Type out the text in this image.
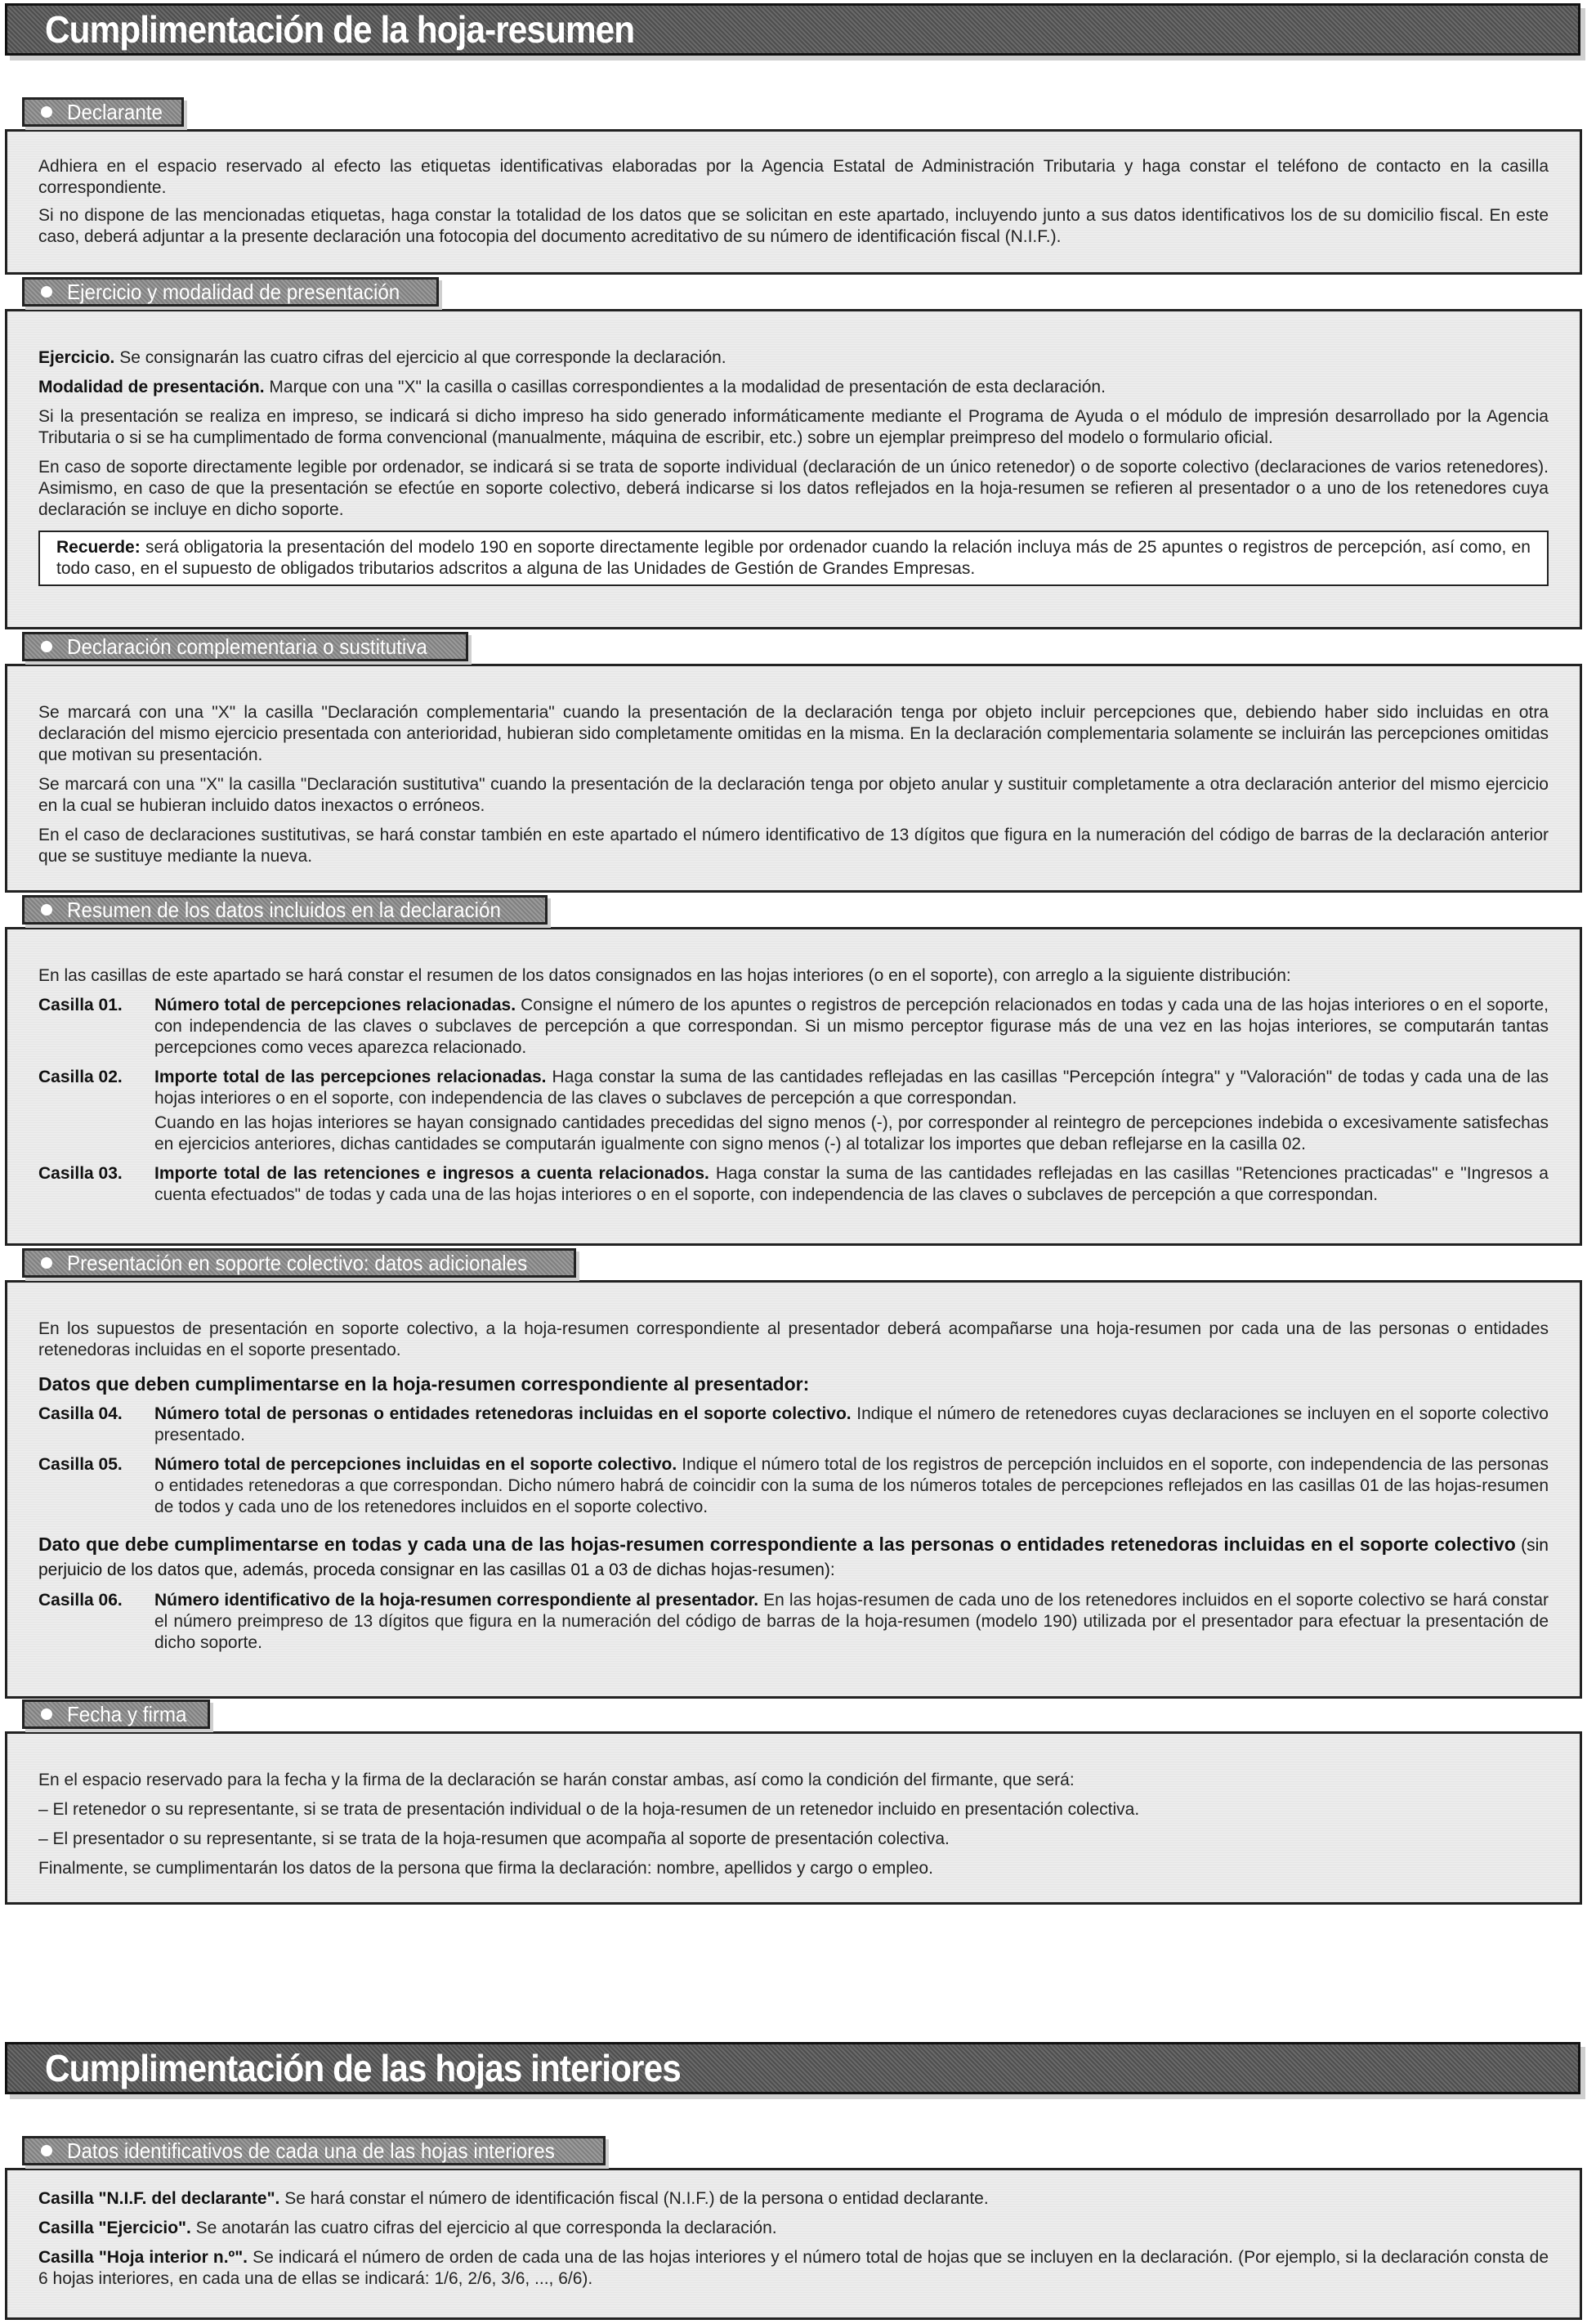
Cumplimentación de la hoja-resumen
Declarante

Adhiera en el espacio reservado al efecto las etiquetas identificativas elaboradas por la Agencia Estatal de Administración Tributaria y haga constar el teléfono de contacto en la casilla correspondiente.

Si no dispone de las mencionadas etiquetas, haga constar la totalidad de los datos que se solicitan en este apartado, incluyendo junto a sus datos identificativos los de su domicilio fiscal. En este caso, deberá adjuntar a la presente declaración una fotocopia del documento acreditativo de su número de identificación fiscal (N.I.F.).

Ejercicio y modalidad de presentación

Ejercicio. Se consignarán las cuatro cifras del ejercicio al que corresponde la declaración.

Modalidad de presentación. Marque con una "X" la casilla o casillas correspondientes a la modalidad de presentación de esta declaración.

Si la presentación se realiza en impreso, se indicará si dicho impreso ha sido generado informáticamente mediante el Programa de Ayuda o el módulo de impresión desarrollado por la Agencia Tributaria o si se ha cumplimentado de forma convencional (manualmente, máquina de escribir, etc.) sobre un ejemplar preimpreso del modelo o formulario oficial.

En caso de soporte directamente legible por ordenador, se indicará si se trata de soporte individual (declaración de un único retenedor) o de soporte colectivo (declaraciones de varios retenedores). Asimismo, en caso de que la presentación se efectúe en soporte colectivo, deberá indicarse si los datos reflejados en la hoja-resumen se refieren al presentador o a uno de los retenedores cuya declaración se incluye en dicho soporte.

Recuerde: será obligatoria la presentación del modelo 190 en soporte directamente legible por ordenador cuando la relación incluya más de 25 apuntes o registros de percepción, así como, en todo caso, en el supuesto de obligados tributarios adscritos a alguna de las Unidades de Gestión de Grandes Empresas.

Declaración complementaria o sustitutiva

Se marcará con una "X" la casilla "Declaración complementaria" cuando la presentación de la declaración tenga por objeto incluir percepciones que, debiendo haber sido incluidas en otra declaración del mismo ejercicio presentada con anterioridad, hubieran sido completamente omitidas en la misma. En la declaración complementaria solamente se incluirán las percepciones omitidas que motivan su presentación.

Se marcará con una "X" la casilla "Declaración sustitutiva" cuando la presentación de la declaración tenga por objeto anular y sustituir completamente a otra declaración anterior del mismo ejercicio en la cual se hubieran incluido datos inexactos o erróneos.

En el caso de declaraciones sustitutivas, se hará constar también en este apartado el número identificativo de 13 dígitos que figura en la numeración del código de barras de la declaración anterior que se sustituye mediante la nueva.

Resumen de los datos incluidos en la declaración

En las casillas de este apartado se hará constar el resumen de los datos consignados en las hojas interiores (o en el soporte), con arreglo a la siguiente distribución:

Casilla 01.	Número total de percepciones relacionadas. Consigne el número de los apuntes o registros de percepción relacionados en todas y cada una de las hojas interiores o en el soporte, con independencia de las claves o subclaves de percepción a que correspondan. Si un mismo perceptor figurase más de una vez en las hojas interiores, se computarán tantas percepciones como veces aparezca relacionado.

Casilla 02.	Importe total de las percepciones relacionadas. Haga constar la suma de las cantidades reflejadas en las casillas "Percepción íntegra" y "Valoración" de todas y cada una de las hojas interiores o en el soporte, con independencia de las claves o subclaves de percepción a que correspondan.

Cuando en las hojas interiores se hayan consignado cantidades precedidas del signo menos (-), por corresponder al reintegro de percepciones indebida o excesivamente satisfechas en ejercicios anteriores, dichas cantidades se computarán igualmente con signo menos (-) al totalizar los importes que deban reflejarse en la casilla 02.

Casilla 03.	Importe total de las retenciones e ingresos a cuenta relacionados. Haga constar la suma de las cantidades reflejadas en las casillas "Retenciones practicadas" e "Ingresos a cuenta efectuados" de todas y cada una de las hojas interiores o en el soporte, con independencia de las claves o subclaves de percepción a que correspondan.

Presentación en soporte colectivo: datos adicionales

En los supuestos de presentación en soporte colectivo, a la hoja-resumen correspondiente al presentador deberá acompañarse una hoja-resumen por cada una de las personas o entidades retenedoras incluidas en el soporte presentado.

Datos que deben cumplimentarse en la hoja-resumen correspondiente al presentador:
Casilla 04.	Número total de personas o entidades retenedoras incluidas en el soporte colectivo. Indique el número de retenedores cuyas declaraciones se incluyen en el soporte colectivo presentado.

Casilla 05.	Número total de percepciones incluidas en el soporte colectivo. Indique el número total de los registros de percepción incluidos en el soporte, con independencia de las personas o entidades retenedoras a que correspondan. Dicho número habrá de coincidir con la suma de los números totales de percepciones reflejados en las casillas 01 de las hojas-resumen de todos y cada uno de los retenedores incluidos en el soporte colectivo.

Dato que debe cumplimentarse en todas y cada una de las hojas-resumen correspondiente a las personas o entidades retenedoras incluidas en el soporte colectivo (sin perjuicio de los datos que, además, proceda consignar en las casillas 01 a 03 de dichas hojas-resumen):
Casilla 06.	Número identificativo de la hoja-resumen correspondiente al presentador. En las hojas-resumen de cada uno de los retenedores incluidos en el soporte colectivo se hará constar el número preimpreso de 13 dígitos que figura en la numeración del código de barras de la hoja-resumen (modelo 190) utilizada por el presentador para efectuar la presentación de dicho soporte.

Fecha y firma

En el espacio reservado para la fecha y la firma de la declaración se harán constar ambas, así como la condición del firmante, que será:

– El retenedor o su representante, si se trata de presentación individual o de la hoja-resumen de un retenedor incluido en presentación colectiva.

– El presentador o su representante, si se trata de la hoja-resumen que acompaña al soporte de presentación colectiva.

Finalmente, se cumplimentarán los datos de la persona que firma la declaración: nombre, apellidos y cargo o empleo.

Cumplimentación de las hojas interiores
Datos identificativos de cada una de las hojas interiores

Casilla "N.I.F. del declarante". Se hará constar el número de identificación fiscal (N.I.F.) de la persona o entidad declarante.

Casilla "Ejercicio". Se anotarán las cuatro cifras del ejercicio al que corresponda la declaración.

Casilla "Hoja interior n.º". Se indicará el número de orden de cada una de las hojas interiores y el número total de hojas que se incluyen en la declaración. (Por ejemplo, si la declaración consta de 6 hojas interiores, en cada una de ellas se indicará: 1/6, 2/6, 3/6, ..., 6/6).
